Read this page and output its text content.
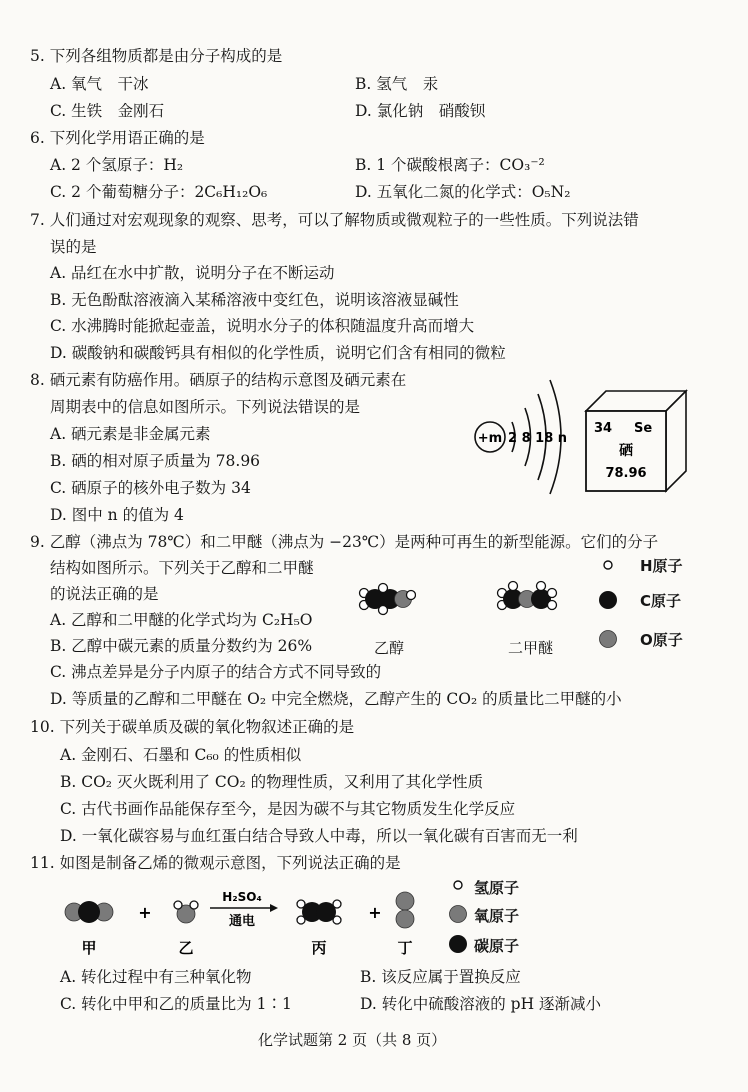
5. 下列各组物质都是由分子构成的是
A. 氧气　干冰	B. 氢气　汞
C. 生铁　金刚石	D. 氯化钠　硝酸钡
6. 下列化学用语正确的是
A. 2 个氢原子：H₂	B. 1 个碳酸根离子：CO₃⁻²
C. 2 个葡萄糖分子：2C₆H₁₂O₆	D. 五氧化二氮的化学式：O₅N₂
7. 人们通过对宏观现象的观察、思考，可以了解物质或微观粒子的一些性质。下列说法错
误的是
A. 品红在水中扩散，说明分子在不断运动
B. 无色酚酞溶液滴入某稀溶液中变红色，说明该溶液显碱性
C. 水沸腾时能掀起壶盖，说明水分子的体积随温度升高而增大
D. 碳酸钠和碳酸钙具有相似的化学性质，说明它们含有相同的微粒
8. 硒元素有防癌作用。硒原子的结构示意图及硒元素在
周期表中的信息如图所示。下列说法错误的是
A. 硒元素是非金属元素
B. 硒的相对原子质量为 78.96
C. 硒原子的核外电子数为 34
D. 图中 n 的值为 4
+m 2 8 18 n
34 Se
硒
78.96
9. 乙醇（沸点为 78℃）和二甲醚（沸点为 −23℃）是两种可再生的新型能源。它们的分子
结构如图所示。下列关于乙醇和二甲醚
的说法正确的是
A. 乙醇和二甲醚的化学式均为 C₂H₅O
B. 乙醇中碳元素的质量分数约为 26%
C. 沸点差异是分子内原子的结合方式不同导致的
D. 等质量的乙醇和二甲醚在 O₂ 中完全燃烧，乙醇产生的 CO₂ 的质量比二甲醚的小
乙醇	二甲醚
H原子
C原子
O原子
10. 下列关于碳单质及碳的氧化物叙述正确的是
A. 金刚石、石墨和 C₆₀ 的性质相似
B. CO₂ 灭火既利用了 CO₂ 的物理性质，又利用了其化学性质
C. 古代书画作品能保存至今，是因为碳不与其它物质发生化学反应
D. 一氧化碳容易与血红蛋白结合导致人中毒，所以一氧化碳有百害而无一利
11. 如图是制备乙烯的微观示意图，下列说法正确的是
+
H₂SO₄
通电	+
甲	乙	丙	丁
氢原子
氧原子
碳原子
A. 转化过程中有三种氧化物	B. 该反应属于置换反应
C. 转化中甲和乙的质量比为 1∶1	D. 转化中硫酸溶液的 pH 逐渐减小
化学试题第 2 页（共 8 页）
